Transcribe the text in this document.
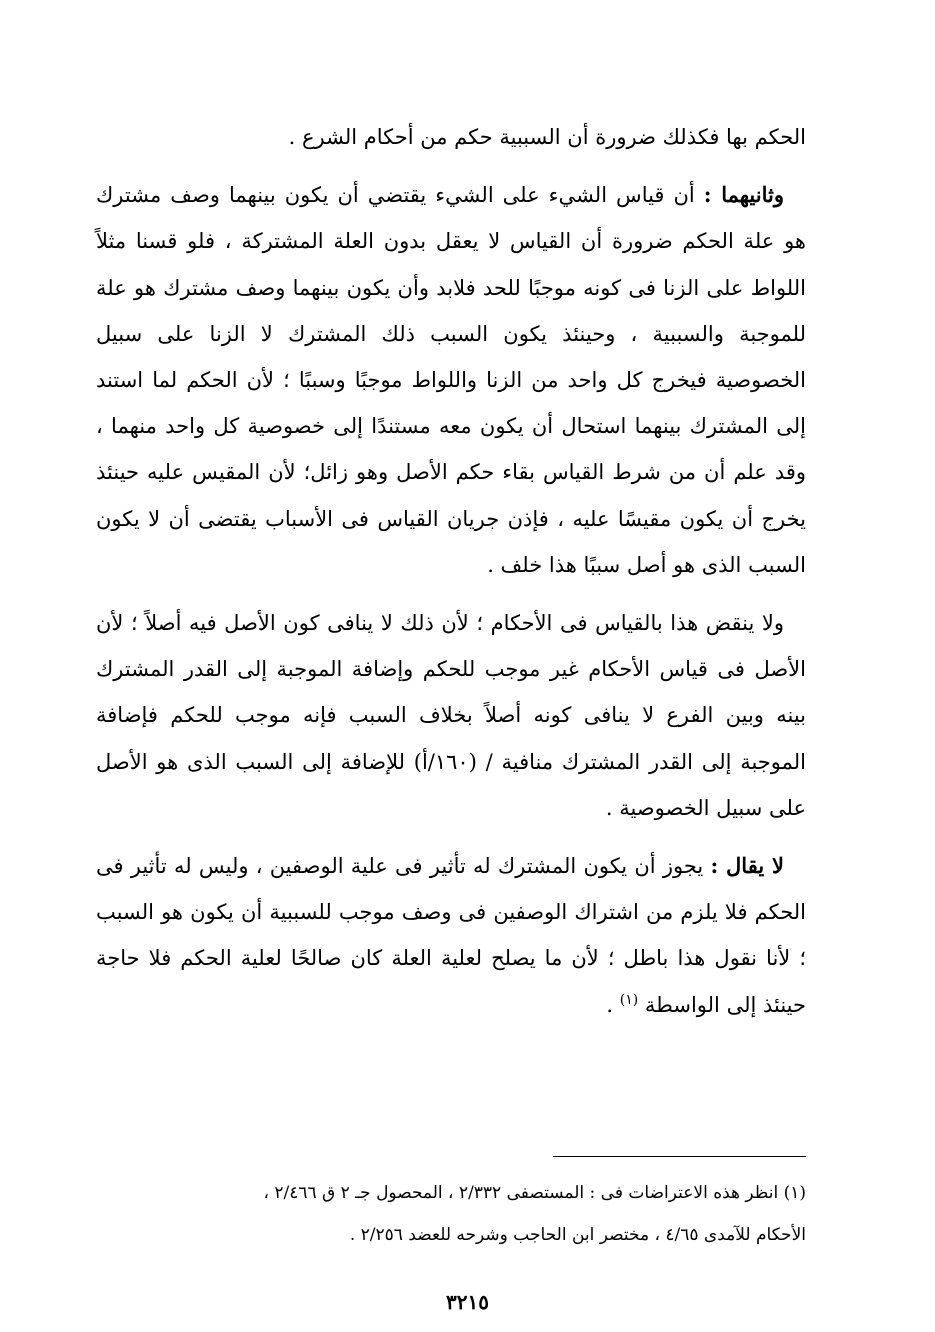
الحكم بها فكذلك ضرورة أن السببية حكم من أحكام الشرع .

وثانيهما : أن قياس الشيء على الشيء يقتضي أن يكون بينهما وصف مشترك هو علة الحكم ضرورة أن القياس لا يعقل بدون العلة المشتركة ، فلو قسنا مثلاً اللواط على الزنا فى كونه موجبًا للحد فلابد وأن يكون بينهما وصف مشترك هو علة للموجبة والسببية ، وحينئذ يكون السبب ذلك المشترك لا الزنا على سبيل الخصوصية فيخرج كل واحد من الزنا واللواط موجبًا وسببًا ؛ لأن الحكم لما استند إلى المشترك بينهما استحال أن يكون معه مستندًا إلى خصوصية كل واحد منهما ، وقد علم أن من شرط القياس بقاء حكم الأصل وهو زائل؛ لأن المقيس عليه حينئذ يخرج أن يكون مقيسًا عليه ، فإذن جريان القياس فى الأسباب يقتضى أن لا يكون السبب الذى هو أصل سببًا هذا خلف .

ولا ينقض هذا بالقياس فى الأحكام ؛ لأن ذلك لا ينافى كون الأصل فيه أصلاً ؛ لأن الأصل فى قياس الأحكام غير موجب للحكم وإضافة الموجبة إلى القدر المشترك بينه وبين الفرع لا ينافى كونه أصلاً بخلاف السبب فإنه موجب للحكم فإضافة الموجبة إلى القدر المشترك منافية / (١٦٠/أ) للإضافة إلى السبب الذى هو الأصل على سبيل الخصوصية .

لا يقال : يجوز أن يكون المشترك له تأثير فى علية الوصفين ، وليس له تأثير فى الحكم فلا يلزم من اشتراك الوصفين فى وصف موجب للسببية أن يكون هو السبب ؛ لأنا نقول هذا باطل ؛ لأن ما يصلح لعلية العلة كان صالحًا لعلية الحكم فلا حاجة حينئذ إلى الواسطة $^{(١)}$ .

(١) انظر هذه الاعتراضات فى : المستصفى ٢/٣٣٢ ، المحصول جـ ٢ ق ٢/٤٦٦ ،

الأحكام للآمدى ٤/٦٥ ، مختصر ابن الحاجب وشرحه للعضد ٢/٢٥٦ .

٣٢١٥
